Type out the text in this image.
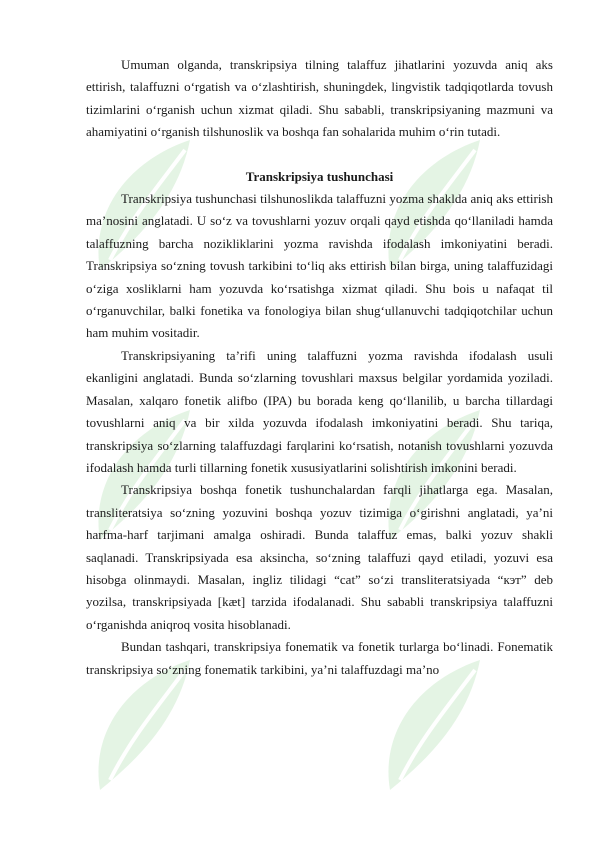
Umuman olganda, transkripsiya tilning talaffuz jihatlarini yozuvda aniq aks ettirish, talaffuzni o‘rgatish va o‘zlashtirish, shuningdek, lingvistik tadqiqotlarda tovush tizimlarini o‘rganish uchun xizmat qiladi. Shu sababli, transkripsiyaning mazmuni va ahamiyatini o‘rganish tilshunoslik va boshqa fan sohalarida muhim o‘rin tutadi.

Transkripsiya tushunchasi

Transkripsiya tushunchasi tilshunoslikda talaffuzni yozma shaklda aniq aks ettirish ma’nosini anglatadi. U so‘z va tovushlarni yozuv orqali qayd etishda qo‘llaniladi hamda talaffuzning barcha nozikliklarini yozma ravishda ifodalash imkoniyatini beradi. Transkripsiya so‘zning tovush tarkibini to‘liq aks ettirish bilan birga, uning talaffuzidagi o‘ziga xosliklarni ham yozuvda ko‘rsatishga xizmat qiladi. Shu bois u nafaqat til o‘rganuvchilar, balki fonetika va fonologiya bilan shug‘ullanuvchi tadqiqotchilar uchun ham muhim vositadir.

Transkripsiyaning ta’rifi uning talaffuzni yozma ravishda ifodalash usuli ekanligini anglatadi. Bunda so‘zlarning tovushlari maxsus belgilar yordamida yoziladi. Masalan, xalqaro fonetik alifbo (IPA) bu borada keng qo‘llanilib, u barcha tillardagi tovushlarni aniq va bir xilda yozuvda ifodalash imkoniyatini beradi. Shu tariqa, transkripsiya so‘zlarning talaffuzdagi farqlarini ko‘rsatish, notanish tovushlarni yozuvda ifodalash hamda turli tillarning fonetik xususiyatlarini solishtirish imkonini beradi.

Transkripsiya boshqa fonetik tushunchalardan farqli jihatlarga ega. Masalan, transliteratsiya so‘zning yozuvini boshqa yozuv tizimiga o‘girishni anglatadi, ya’ni harfma-harf tarjimani amalga oshiradi. Bunda talaffuz emas, balki yozuv shakli saqlanadi. Transkripsiyada esa aksincha, so‘zning talaffuzi qayd etiladi, yozuvi esa hisobga olinmaydi. Masalan, ingliz tilidagi “cat” so‘zi transliteratsiyada “кэт” deb yozilsa, transkripsiyada [kæt] tarzida ifodalanadi. Shu sababli transkripsiya talaffuzni o‘rganishda aniqroq vosita hisoblanadi.

Bundan tashqari, transkripsiya fonematik va fonetik turlarga bo‘linadi. Fonematik transkripsiya so‘zning fonematik tarkibini, ya’ni talaffuzdagi ma’no
